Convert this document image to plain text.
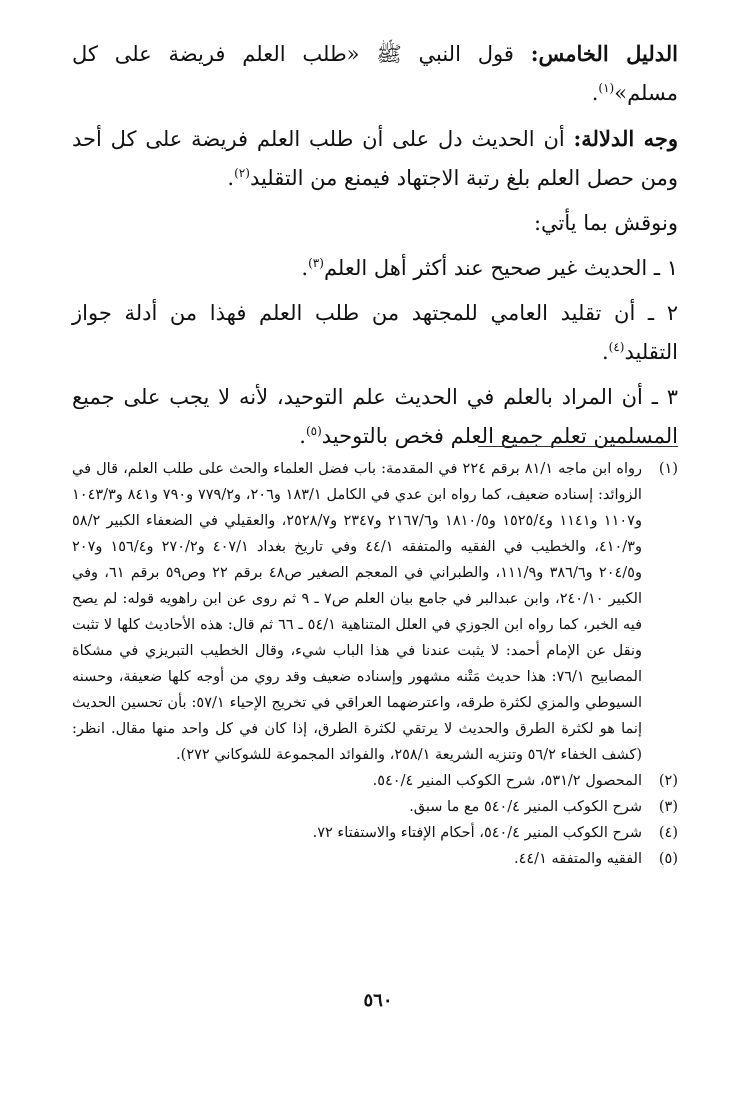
الدليل الخامس: قول النبي ﷺ «طلب العلم فريضة على كل مسلم»$^{(١)}$.

وجه الدلالة: أن الحديث دل على أن طلب العلم فريضة على كل أحد ومن حصل العلم بلغ رتبة الاجتهاد فيمنع من التقليد$^{(٢)}$.

ونوقش بما يأتي:

١ ـ الحديث غير صحيح عند أكثر أهل العلم$^{(٣)}$.

٢ ـ أن تقليد العامي للمجتهد من طلب العلم فهذا من أدلة جواز التقليد$^{(٤)}$.

٣ ـ أن المراد بالعلم في الحديث علم التوحيد، لأنه لا يجب على جميع المسلمين تعلم جميع العلم فخص بالتوحيد$^{(٥)}$.

(١)
رواه ابن ماجه ٨١/١ برقم ٢٢٤ في المقدمة: باب فضل العلماء والحث على طلب العلم، قال في الزوائد: إسناده ضعيف، كما رواه ابن عدي في الكامل ١٨٣/١ و٢٠٦، و٧٧٩/٢ و٧٩٠ و٨٤١ و١٠٤٣/٣ و١١٠٧ و١١٤١ و١٥٢٥/٤ و١٨١٠/٥ و٢١٦٧/٦ و٢٣٤٧ و٢٥٢٨/٧، والعقيلي في الضعفاء الكبير ٥٨/٢ و٤١٠/٣، والخطيب في الفقيه والمتفقه ٤٤/١ وفي تاريخ بغداد ٤٠٧/١ و٢٧٠/٢ و١٥٦/٤ و٢٠٧ و٢٠٤/٥ و٣٨٦/٦ و١١١/٩، والطبراني في المعجم الصغير ص٤٨ برقم ٢٢ وص٥٩ برقم ٦١، وفي الكبير ٢٤٠/١٠، وابن عبدالبر في جامع بيان العلم ص٧ ـ ٩ ثم روى عن ابن راهويه قوله: لم يصح فيه الخبر، كما رواه ابن الجوزي في العلل المتناهية ٥٤/١ ـ ٦٦ ثم قال: هذه الأحاديث كلها لا تثبت ونقل عن الإمام أحمد: لا يثبت عندنا في هذا الباب شيء، وقال الخطيب التبريزي في مشكاة المصابيح ٧٦/١: هذا حديث مَتْنه مشهور وإسناده ضعيف وقد روي من أوجه كلها ضعيفة، وحسنه السيوطي والمزي لكثرة طرقه، واعترضهما العراقي في تخريج الإحياء ٥٧/١: بأن تحسين الحديث إنما هو لكثرة الطرق والحديث لا يرتقي لكثرة الطرق، إذا كان في كل واحد منها مقال. انظر: (كشف الخفاء ٥٦/٢ وتنزيه الشريعة ٢٥٨/١، والفوائد المجموعة للشوكاني ٢٧٢).
(٢)
المحصول ٥٣١/٢، شرح الكوكب المنير ٥٤٠/٤.
(٣)
شرح الكوكب المنير ٥٤٠/٤ مع ما سبق.
(٤)
شرح الكوكب المنير ٥٤٠/٤، أحكام الإفتاء والاستفتاء ٧٢.
(٥)
الفقيه والمتفقه ٤٤/١.
٥٦٠
